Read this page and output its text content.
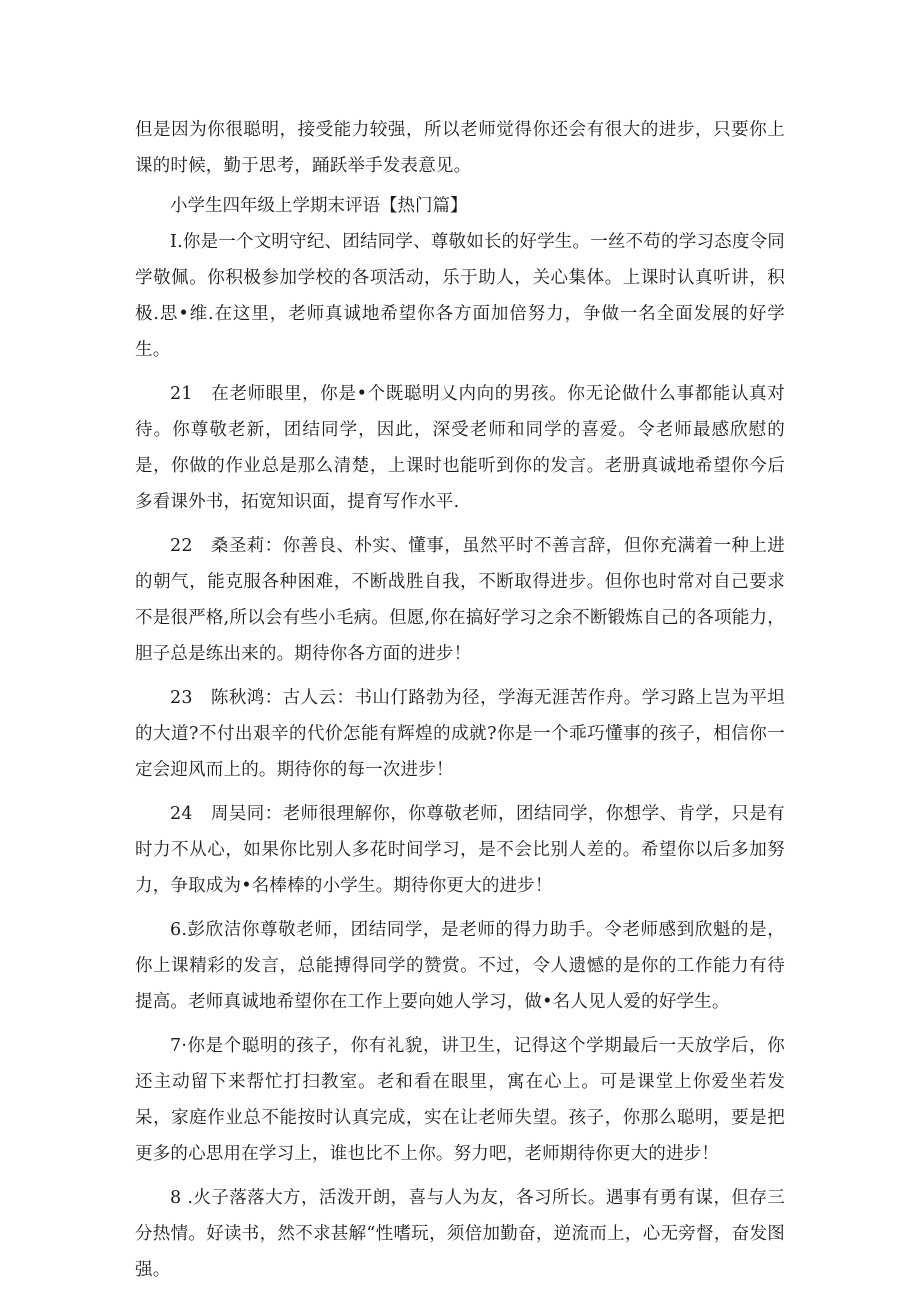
但是因为你很聪明，接受能力较强，所以老师觉得你还会有很大的进步，只要你上课的时候，勤于思考，踊跃举手发表意见。

小学生四年级上学期末评语【热门篇】

I.你是一个文明守纪、团结同学、尊敬如长的好学生。一丝不苟的学习态度令同学敬佩。你积极参加学校的各项活动，乐于助人，关心集体。上课时认真听讲，积极.思•维.在这里，老师真诚地希望你各方面加倍努力，争做一名全面发展的好学生。

21　在老师眼里，你是•个既聪明乂内向的男孩。你无论做什么事都能认真对待。你尊敬老新，团结同学，因此，深受老师和同学的喜爱。令老师最感欣慰的是，你做的作业总是那么清楚，上课时也能听到你的发言。老册真诚地希望你今后多看课外书，拓宽知识面，提育写作水平.

22　桑圣莉：你善良、朴实、懂事，虽然平时不善言辞，但你充满着一种上进的朝气，能克服各种困难，不断战胜自我，不断取得进步。但你也时常对自己要求不是很严格,所以会有些小毛病。但愿,你在搞好学习之余不断锻炼自己的各项能力，胆子总是练出来的。期待你各方面的进步！

23　陈秋鸿：古人云：书山仃路勃为径，学海无涯苦作舟。学习路上岂为平坦的大道?不付出艰辛的代价怎能有辉煌的成就?你是一个乖巧懂事的孩子，相信你一定会迎风而上的。期待你的每一次进步！

24　周吴同：老师很理解你，你尊敬老师，团结同学，你想学、肯学，只是有时力不从心，如果你比别人多花时间学习，是不会比别人差的。希望你以后多加努力，争取成为•名棒棒的小学生。期待你更大的进步！

6.彭欣洁你尊敬老师，团结同学，是老师的得力助手。令老师感到欣魁的是，你上课精彩的发言，总能搏得同学的赞赏。不过，令人遗憾的是你的工作能力有待提高。老师真诚地希望你在工作上要向她人学习，做•名人见人爱的好学生。

7·你是个聪明的孩子，你有礼貌，讲卫生，记得这个学期最后一天放学后，你还主动留下来帮忙打扫教室。老和看在眼里，寓在心上。可是课堂上你爱坐若发呆，家庭作业总不能按时认真完成，实在让老师失望。孩子，你那么聪明，要是把更多的心思用在学习上，谁也比不上你。努力吧，老师期待你更大的进步！

8 .火子落落大方，活泼开朗，喜与人为友，各习所长。遇事有勇有谋，但存三分热情。好读书，然不求甚解“性嗜玩，须倍加勤奋，逆流而上，心无旁督，奋发图强。
